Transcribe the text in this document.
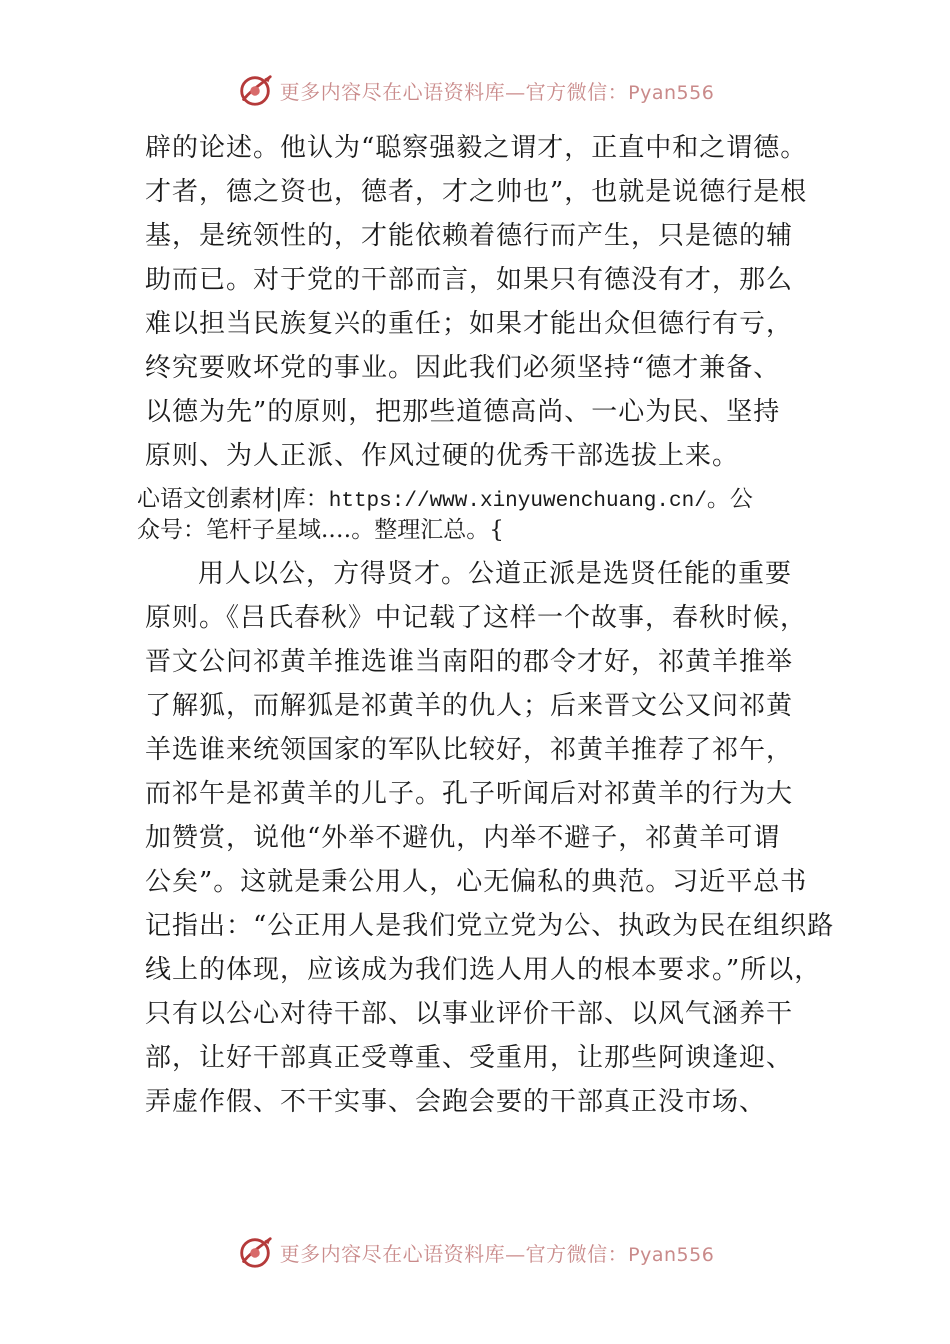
更多内容尽在心语资料库—官方微信：Pyan556
辟的论述。他认为“聪察强毅之谓才，正直中和之谓德。
才者，德之资也，德者，才之帅也”，也就是说德行是根
基，是统领性的，才能依赖着德行而产生，只是德的辅
助而已。对于党的干部而言，如果只有德没有才，那么
难以担当民族复兴的重任；如果才能出众但德行有亏，
终究要败坏党的事业。因此我们必须坚持“德才兼备、
以德为先”的原则，把那些道德高尚、一心为民、坚持
原则、为人正派、作风过硬的优秀干部选拔上来。
心语文创素材|库：https://www.xinyuwenchuang.cn/。公
众号：笔杆子星域.…。整理汇总。{
用人以公，方得贤才。公道正派是选贤任能的重要
原则。《吕氏春秋》中记载了这样一个故事，春秋时候，
晋文公问祁黄羊推选谁当南阳的郡令才好，祁黄羊推举
了解狐，而解狐是祁黄羊的仇人；后来晋文公又问祁黄
羊选谁来统领国家的军队比较好，祁黄羊推荐了祁午，
而祁午是祁黄羊的儿子。孔子听闻后对祁黄羊的行为大
加赞赏，说他“外举不避仇，内举不避子，祁黄羊可谓
公矣”。这就是秉公用人，心无偏私的典范。习近平总书
记指出：“公正用人是我们党立党为公、执政为民在组织路
线上的体现，应该成为我们选人用人的根本要求。”所以，
只有以公心对待干部、以事业评价干部、以风气涵养干
部，让好干部真正受尊重、受重用，让那些阿谀逢迎、
弄虚作假、不干实事、会跑会要的干部真正没市场、
更多内容尽在心语资料库—官方微信：Pyan556
